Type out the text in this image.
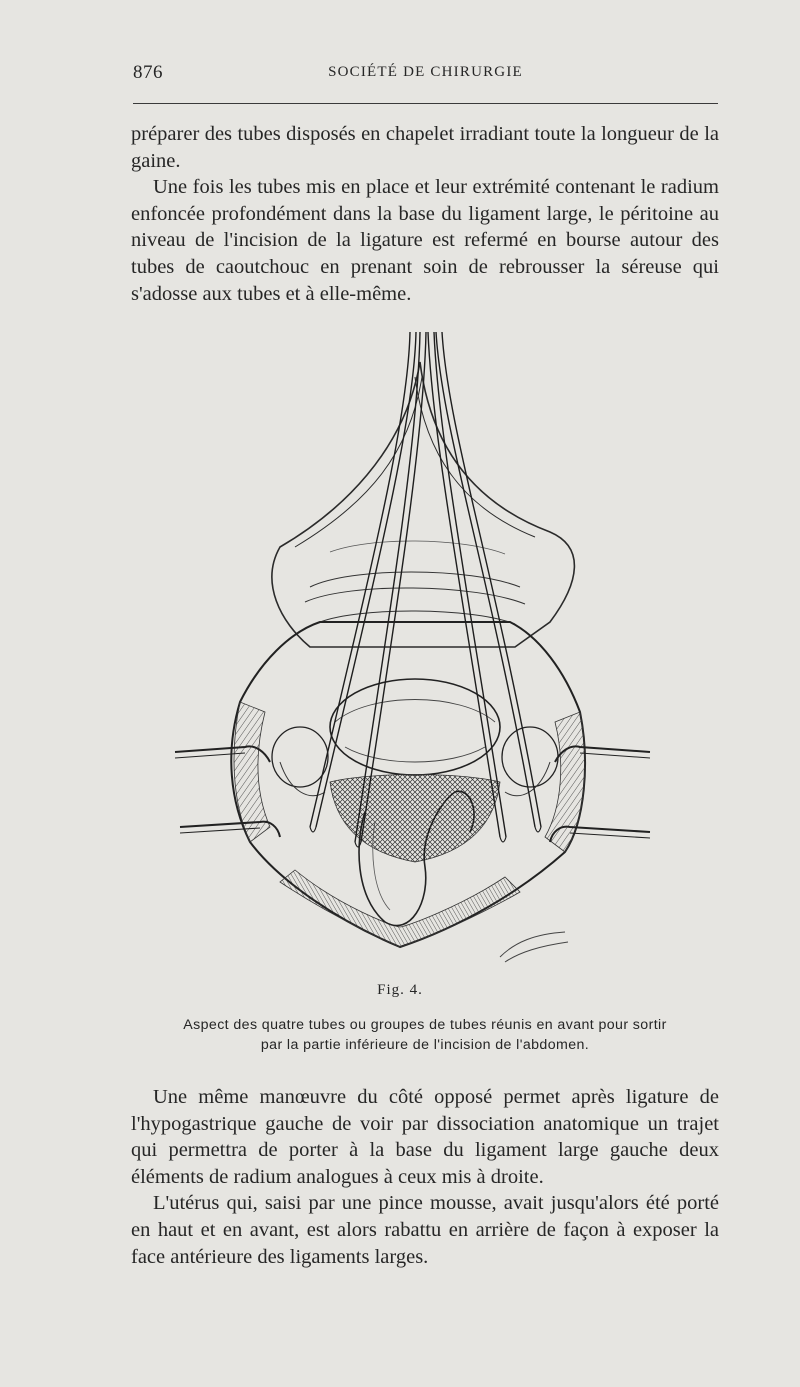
876	SOCIÉTÉ DE CHIRURGIE

préparer des tubes disposés en chapelet irradiant toute la longueur de la gaine.

Une fois les tubes mis en place et leur extrémité contenant le radium enfoncée profondément dans la base du ligament large, le péritoine au niveau de l'incision de la ligature est refermé en bourse autour des tubes de caoutchouc en prenant soin de rebrousser la séreuse qui s'adosse aux tubes et à elle-même.

Fig. 4.
Aspect des quatre tubes ou groupes de tubes réunis en avant pour sortir
par la partie inférieure de l'incision de l'abdomen.

Une même manœuvre du côté opposé permet après ligature de l'hypogastrique gauche de voir par dissociation anatomique un trajet qui permettra de porter à la base du ligament large gauche deux éléments de radium analogues à ceux mis à droite.

L'utérus qui, saisi par une pince mousse, avait jusqu'alors été porté en haut et en avant, est alors rabattu en arrière de façon à exposer la face antérieure des ligaments larges.
